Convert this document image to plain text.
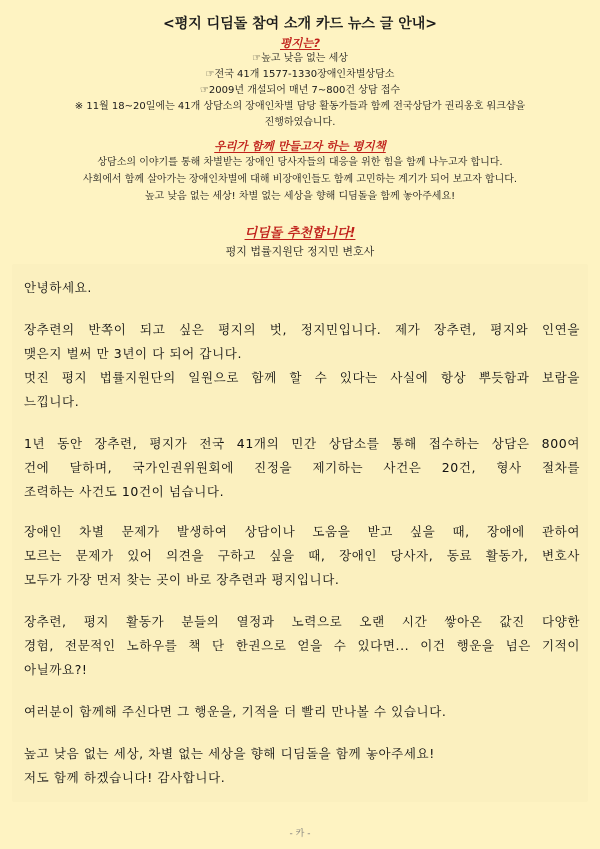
<평지 디딤돌 참여 소개 카드 뉴스 글 안내>
평지는?
☞높고 낮음 없는 세상
☞전국 41개 1577-1330장애인차별상담소
☞2009년 개설되어 매년 7~800건 상담 접수
※ 11월 18~20일에는 41개 상담소의 장애인차별 담당 활동가들과 함께 전국상담가 권리옹호 워크샵을
진행하였습니다.
우리가 함께 만들고자 하는 평지책
상담소의 이야기를 통해 차별받는 장애인 당사자들의 대응을 위한 힘을 함께 나누고자 합니다.
사회에서 함께 살아가는 장애인차별에 대해 비장애인들도 함께 고민하는 계기가 되어 보고자 합니다.
높고 낮음 없는 세상! 차별 없는 세상을 향해 디딤돌을 함께 놓아주세요!
디딤돌 추천합니다!
평지 법률지원단 정지민 변호사
안녕하세요.
장추련의 반쪽이 되고 싶은 평지의 벗, 정지민입니다. 제가 장추련, 평지와 인연을
맺은지 벌써 만 3년이 다 되어 갑니다.
멋진 평지 법률지원단의 일원으로 함께 할 수 있다는 사실에 항상 뿌듯함과 보람을
느낍니다.
1년 동안 장추련, 평지가 전국 41개의 민간 상담소를 통해 접수하는 상담은 800여
건에 달하며, 국가인권위원회에 진정을 제기하는 사건은 20건, 형사 절차를
조력하는 사건도 10건이 넘습니다.
장애인 차별 문제가 발생하여 상담이나 도움을 받고 싶을 때, 장애에 관하여
모르는 문제가 있어 의견을 구하고 싶을 때, 장애인 당사자, 동료 활동가, 변호사
모두가 가장 먼저 찾는 곳이 바로 장추련과 평지입니다.
장추련, 평지 활동가 분들의 열정과 노력으로 오랜 시간 쌓아온 값진 다양한
경험, 전문적인 노하우를 책 단 한권으로 얻을 수 있다면... 이건 행운을 넘은 기적이
아닐까요?!
여러분이 함께해 주신다면 그 행운을, 기적을 더 빨리 만나볼 수 있습니다.
높고 낮음 없는 세상, 차별 없는 세상을 향해 디딤돌을 함께 놓아주세요!
저도 함께 하겠습니다! 감사합니다.
- 카 -
